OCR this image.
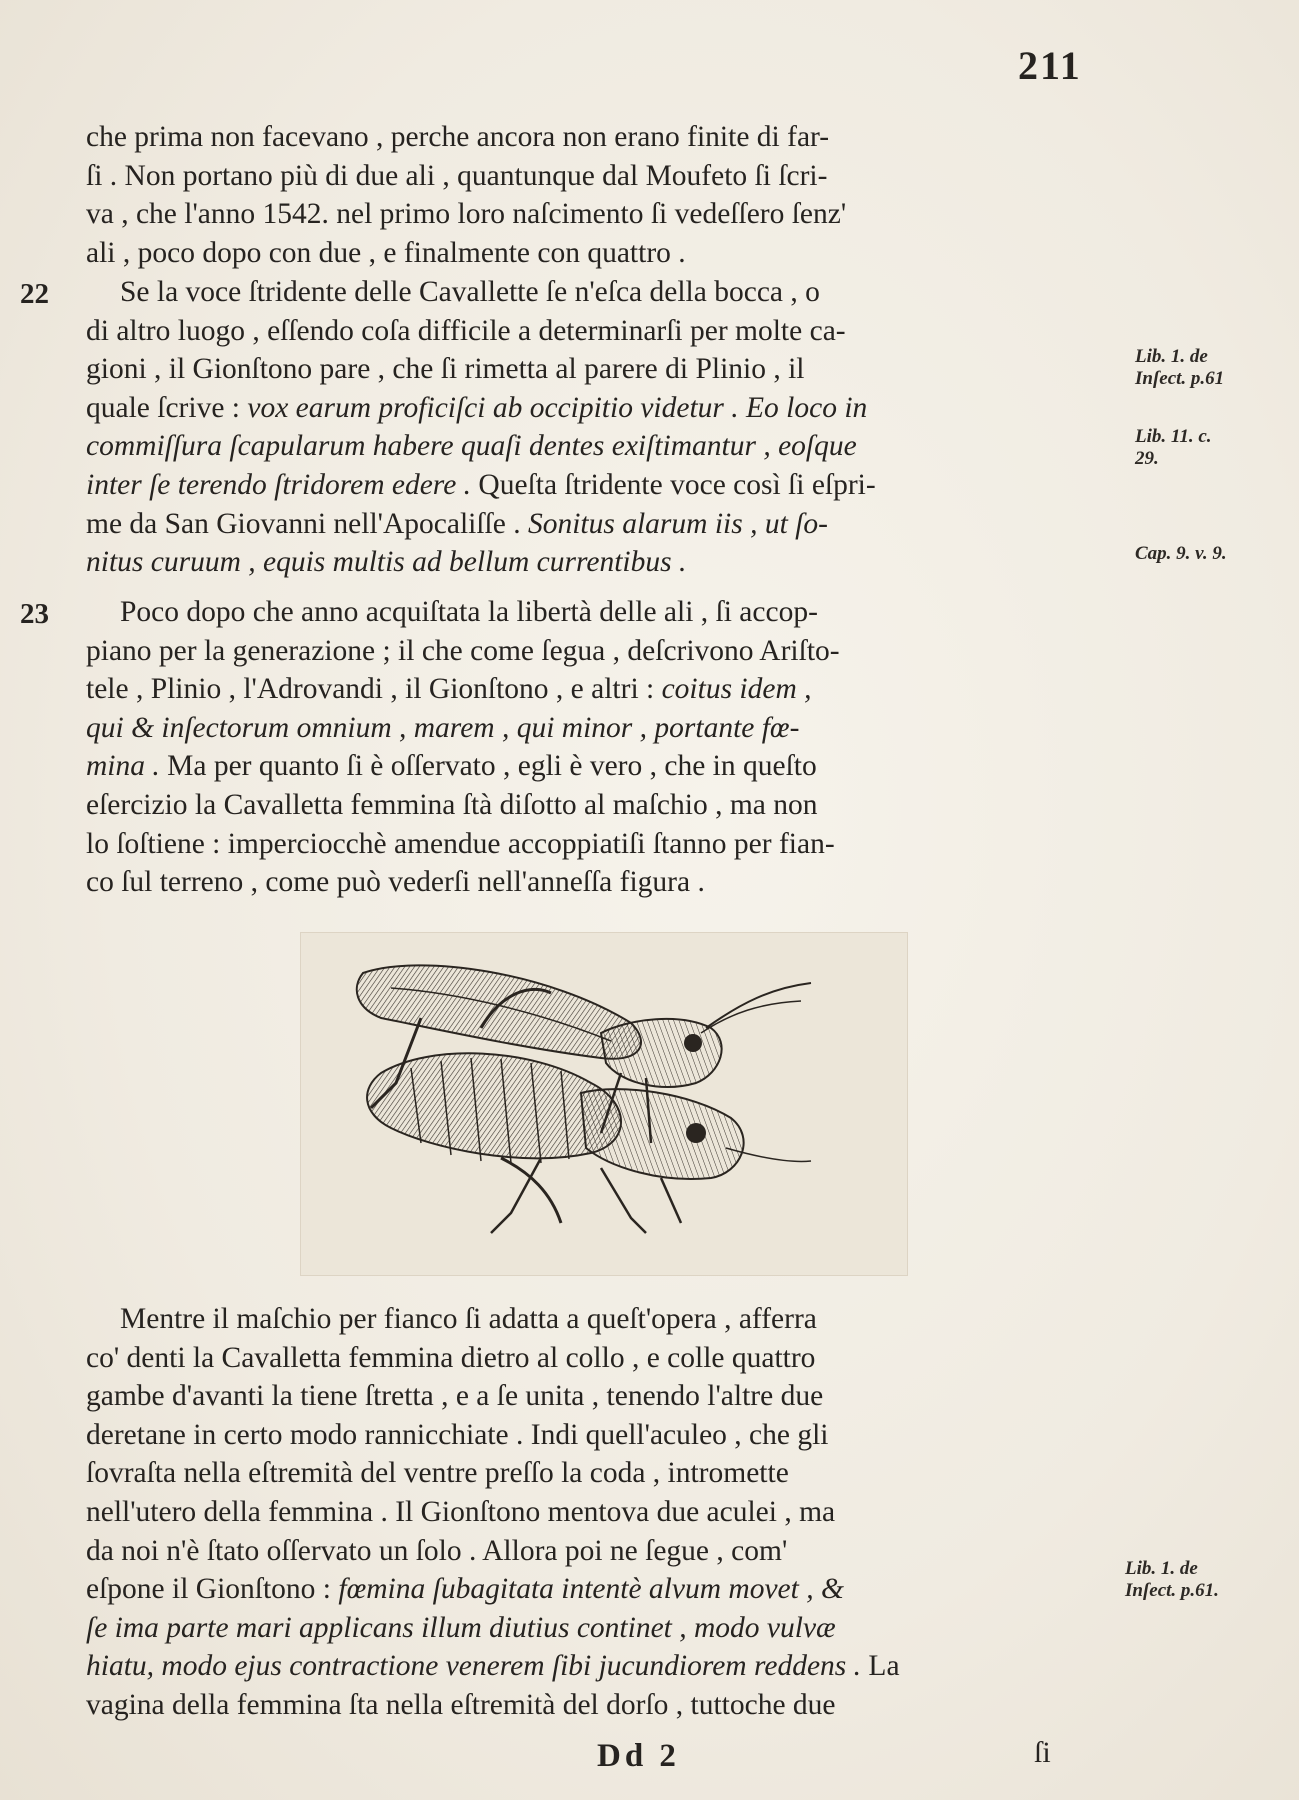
211
che prima non facevano , perche ancora non erano finite di far-
ſi . Non portano più di due ali , quantunque dal Moufeto ſi ſcri-
va , che l'anno 1542. nel primo loro naſcimento ſi vedeſſero ſenz'
ali , poco dopo con due , e finalmente con quattro .
22	Se la voce ſtridente delle Cavallette ſe n'eſca della bocca , o
di altro luogo , eſſendo coſa difficile a determinarſi per molte ca-
gioni , il Gionſtono pare , che ſi rimetta al parere di Plinio , il
quale ſcrive : vox earum proficiſci ab occipitio videtur . Eo loco in
commiſſura ſcapularum habere quaſi dentes exiſtimantur , eoſque
inter ſe terendo ſtridorem edere . Queſta ſtridente voce così ſi eſpri-
me da San Giovanni nell'Apocaliſſe . Sonitus alarum iis , ut ſo-
nitus curuum , equis multis ad bellum currentibus .
23	Poco dopo che anno acquiſtata la libertà delle ali , ſi accop-
piano per la generazione ; il che come ſegua , deſcrivono Ariſto-
tele , Plinio , l'Adrovandi , il Gionſtono , e altri : coitus idem ,
qui & inſectorum omnium , marem , qui minor , portante fœ-
mina . Ma per quanto ſi è oſſervato , egli è vero , che in queſto
eſercizio la Cavalletta femmina ſtà diſotto al maſchio , ma non
lo ſoſtiene : imperciocchè amendue accoppiatiſi ſtanno per fian-
co ſul terreno , come può vederſi nell'anneſſa figura .
Mentre il maſchio per fianco ſi adatta a queſt'opera , afferra
co' denti la Cavalletta femmina dietro al collo , e colle quattro
gambe d'avanti la tiene ſtretta , e a ſe unita , tenendo l'altre due
deretane in certo modo rannicchiate . Indi quell'aculeo , che gli
ſovraſta nella eſtremità del ventre preſſo la coda , intromette
nell'utero della femmina . Il Gionſtono mentova due aculei , ma
da noi n'è ſtato oſſervato un ſolo . Allora poi ne ſegue , com'
eſpone il Gionſtono : fœmina ſubagitata intentè alvum movet , &
ſe ima parte mari applicans illum diutius continet , modo vulvæ
hiatu, modo ejus contractione venerem ſibi jucundiorem reddens . La
vagina della femmina ſta nella eſtremità del dorſo , tuttoche due
Lib. 1. de
Inſect. p.61
Lib. 11. c.
29.
Cap. 9. v. 9.
Lib. 1. de
Inſect. p.61.
Dd 2	ſi
